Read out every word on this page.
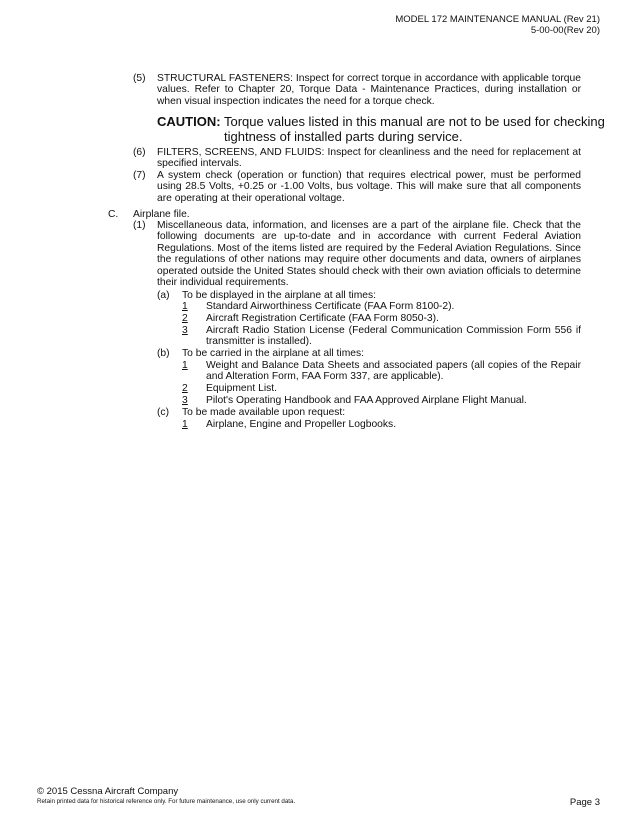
MODEL 172 MAINTENANCE MANUAL (Rev 21)
5-00-00(Rev 20)
(5) STRUCTURAL FASTENERS: Inspect for correct torque in accordance with applicable torque values. Refer to Chapter 20, Torque Data - Maintenance Practices, during installation or when visual inspection indicates the need for a torque check.
CAUTION: Torque values listed in this manual are not to be used for checking
tightness of installed parts during service.
(6) FILTERS, SCREENS, AND FLUIDS: Inspect for cleanliness and the need for replacement at specified intervals.
(7) A system check (operation or function) that requires electrical power, must be performed using 28.5 Volts, +0.25 or -1.00 Volts, bus voltage. This will make sure that all components are operating at their operational voltage.
C. Airplane file.
(1) Miscellaneous data, information, and licenses are a part of the airplane file. Check that the following documents are up-to-date and in accordance with current Federal Aviation Regulations. Most of the items listed are required by the Federal Aviation Regulations. Since the regulations of other nations may require other documents and data, owners of airplanes operated outside the United States should check with their own aviation officials to determine their individual requirements.
(a) To be displayed in the airplane at all times:
1 Standard Airworthiness Certificate (FAA Form 8100-2).
2 Aircraft Registration Certificate (FAA Form 8050-3).
3 Aircraft Radio Station License (Federal Communication Commission Form 556 if transmitter is installed).
(b) To be carried in the airplane at all times:
1 Weight and Balance Data Sheets and associated papers (all copies of the Repair and Alteration Form, FAA Form 337, are applicable).
2 Equipment List.
3 Pilot's Operating Handbook and FAA Approved Airplane Flight Manual.
(c) To be made available upon request:
1 Airplane, Engine and Propeller Logbooks.
© 2015 Cessna Aircraft Company
Retain printed data for historical reference only. For future maintenance, use only current data.	Page 3
